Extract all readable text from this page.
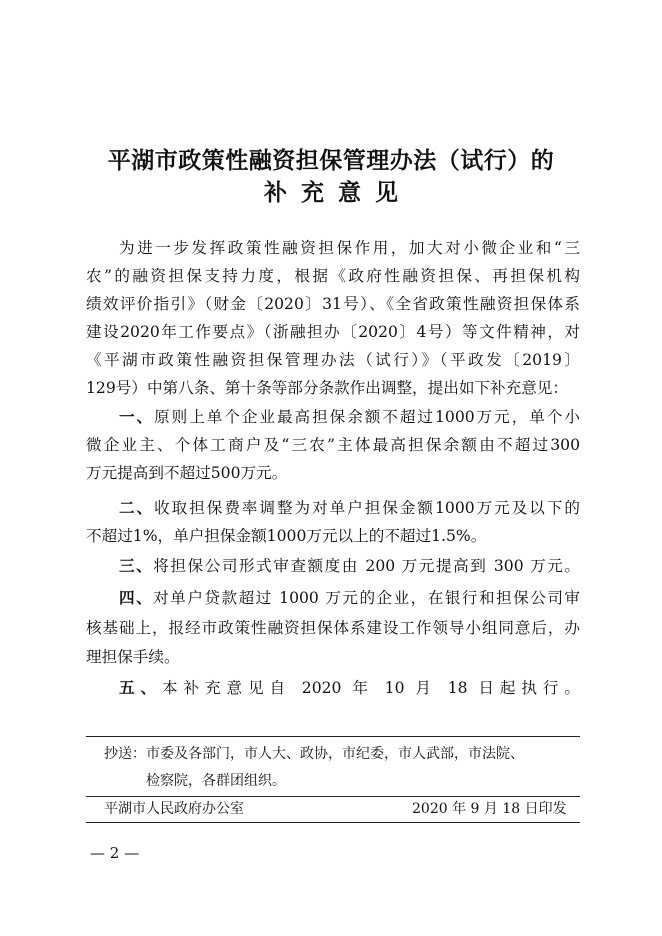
平湖市政策性融资担保管理办法（试行）的
补充意见
为进一步发挥政策性融资担保作用，加大对小微企业和“三
农”的融资担保支持力度，根据《政府性融资担保、再担保机构
绩效评价指引》（财金〔2020〕31号）、《全省政策性融资担保体系
建设2020年工作要点》（浙融担办〔2020〕4号）等文件精神，对
《平湖市政策性融资担保管理办法（试行）》（平政发〔2019〕
129号）中第八条、第十条等部分条款作出调整，提出如下补充意见：
一、原则上单个企业最高担保余额不超过1000万元，单个小
微企业主、个体工商户及“三农”主体最高担保余额由不超过300
万元提高到不超过500万元。
二、收取担保费率调整为对单户担保金额1000万元及以下的
不超过1%，单户担保金额1000万元以上的不超过1.5%。
三、将担保公司形式审查额度由 200 万元提高到 300 万元。
四、对单户贷款超过 1000 万元的企业，在银行和担保公司审
核基础上，报经市政策性融资担保体系建设工作领导小组同意后，办
理担保手续。
五、本补充意见自 2020 年 10 月 18 日起执行。
抄送：市委及各部门，市人大、政协，市纪委，市人武部，市法院、
检察院，各群团组织。
平湖市人民政府办公室	2020 年 9 月 18 日印发
— 2 —
